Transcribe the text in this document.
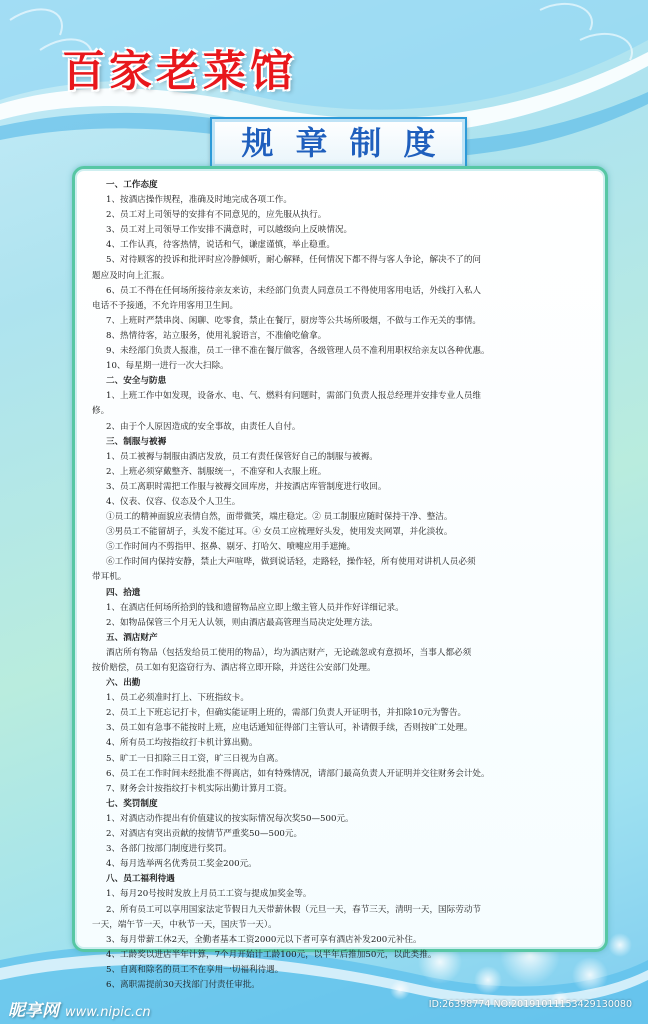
百家老菜馆
规章制度
一、工作态度
1、按酒店操作规程，准确及时地完成各项工作。
2、员工对上司领导的安排有不同意见的，应先服从执行。
3、员工对上司领导工作安排不满意时，可以越级向上反映情况。
4、工作认真，待客热情，说话和气，谦虚谨慎，举止稳重。
5、对待顾客的投诉和批评时应冷静倾听，耐心解释，任何情况下都不得与客人争论，解决不了的问
题应及时向上汇报。
6、员工不得在任何场所接待亲友来访，未经部门负责人同意员工不得使用客用电话，外线打入私人
电话不予接通，不允许用客用卫生间。
7、上班时严禁串岗、闲聊、吃零食，禁止在餐厅，厨房等公共场所吸烟，不做与工作无关的事情。
8、热情待客，站立服务，使用礼貌语言，不准偷吃偷拿。
9、未经部门负责人报准，员工一律不准在餐厅做客，各级管理人员不准利用职权给亲友以各种优惠。
10、每星期一进行一次大扫除。
二、安全与防患
1、上班工作中如发现，设备水、电、气、燃料有问题时，需部门负责人报总经理并安排专业人员维
修。
2、由于个人原因造成的安全事故，由责任人自付。
三、制服与被褥
1、员工被褥与制服由酒店发放，员工有责任保管好自己的制服与被褥。
2、上班必须穿戴整齐、制服统一，不准穿和人衣服上班。
3、员工离职时需把工作服与被褥交回库房，并按酒店库管制度进行收回。
4、仪表、仪容、仪态及个人卫生。
①员工的精神面貌应表情自然，面带微笑，端庄稳定。② 员工制服应随时保持干净、整洁。
③男员工不能留胡子，头发不能过耳。④ 女员工应梳理好头发，使用发夹网罩，并化淡妆。
⑤工作时间内不剪指甲、抠鼻、剔牙、打哈欠、喷嚏应用手遮掩。
⑥工作时间内保持安静，禁止大声喧哗，做到说话轻，走路轻，操作轻，所有使用对讲机人员必须
带耳机。
四、拾遗
1、在酒店任何场所拾到的钱和遗留物品应立即上缴主管人员并作好详细记录。
2、如物品保管三个月无人认领，则由酒店最高管理当局决定处理方法。
五、酒店财产
酒店所有物品（包括发给员工使用的物品），均为酒店财产，无论疏忽或有意损坏，当事人都必须
按价赔偿，员工如有犯盗窃行为、酒店将立即开除，并送往公安部门处理。
六、出勤
1、员工必须准时打上、下班指纹卡。
2、员工上下班忘记打卡，但确实能证明上班的，需部门负责人开证明书，并扣除10元为警告。
3、员工如有急事不能按时上班，应电话通知征得部门主管认可，补请假手续，否则按旷工处理。
4、所有员工均按指纹打卡机计算出勤。
5、旷工一日扣除三日工资，旷三日视为自离。
6、员工在工作时间未经批准不得离店，如有特殊情况，请部门最高负责人开证明并交往财务会计处。
7、财务会计按指纹打卡机实际出勤计算月工资。
七、奖罚制度
1、对酒店动作提出有价值建议的按实际情况每次奖50—500元。
2、对酒店有突出贡献的按情节严重奖50—500元。
3、各部门按部门制度进行奖罚。
4、每月选举两名优秀员工奖金200元。
八、员工福利待遇
1、每月20号按时发放上月员工工资与提成加奖金等。
2、所有员工可以享用国家法定节假日九天带薪休假（元旦一天，春节三天，清明一天，国际劳动节
一天，端午节一天，中秋节一天，国庆节一天）。
3、每月带薪工休2天，全勤者基本工资2000元以下者可享有酒店补发200元补住。
4、工龄奖以进店半年计算，7个月开始计工龄100元，以半年后推加50元，以此类推。
5、自离和除名的员工不在享用一切福利待遇。
6、离职需提前30天找部门付责任审批。
昵享网 www.nipic.cn
ID:26398774 NO:20191011153429130080
